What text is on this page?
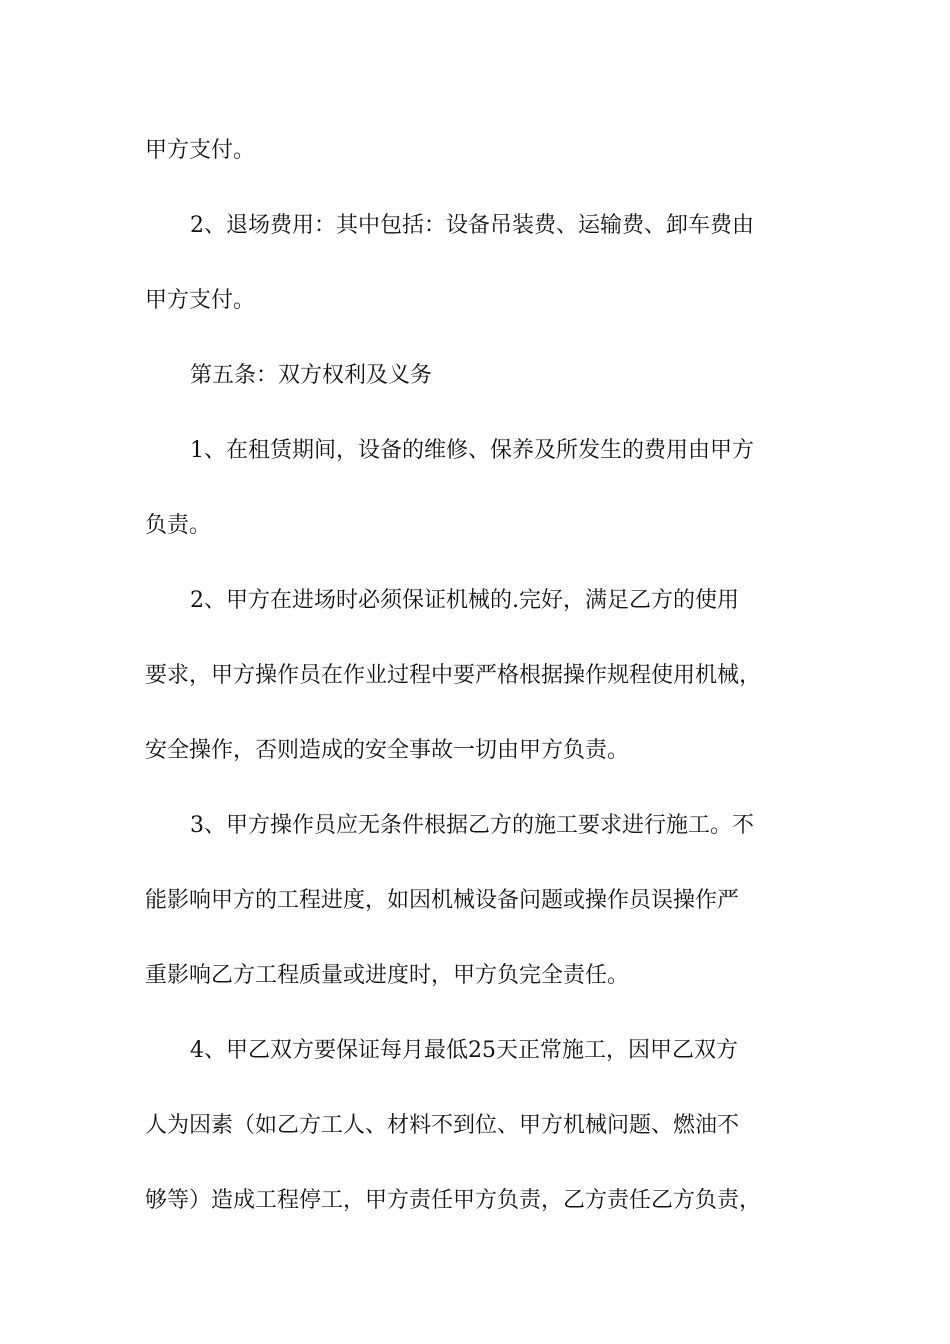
甲方支付。
2、退场费用：其中包括：设备吊装费、运输费、卸车费由
甲方支付。
第五条：双方权利及义务
1、在租赁期间，设备的维修、保养及所发生的费用由甲方
负责。
2、甲方在进场时必须保证机械的.完好，满足乙方的使用
要求，甲方操作员在作业过程中要严格根据操作规程使用机械，
安全操作，否则造成的安全事故一切由甲方负责。
3、甲方操作员应无条件根据乙方的施工要求进行施工。不
能影响甲方的工程进度，如因机械设备问题或操作员误操作严
重影响乙方工程质量或进度时，甲方负完全责任。
4、甲乙双方要保证每月最低25天正常施工，因甲乙双方
人为因素（如乙方工人、材料不到位、甲方机械问题、燃油不
够等）造成工程停工，甲方责任甲方负责，乙方责任乙方负责，
